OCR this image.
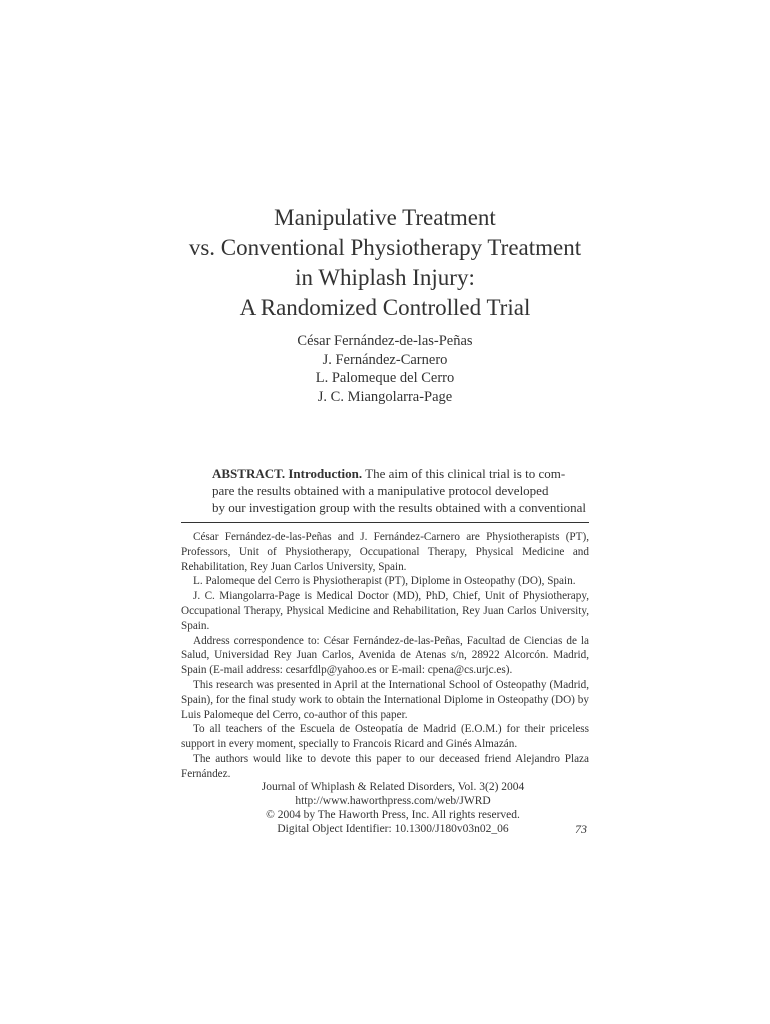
Manipulative Treatment
vs. Conventional Physiotherapy Treatment
in Whiplash Injury:
A Randomized Controlled Trial
César Fernández-de-las-Peñas
J. Fernández-Carnero
L. Palomeque del Cerro
J. C. Miangolarra-Page
ABSTRACT. Introduction. The aim of this clinical trial is to com-
pare the results obtained with a manipulative protocol developed
by our investigation group with the results obtained with a conventional

César Fernández-de-las-Peñas and J. Fernández-Carnero are Physiotherapists (PT), Professors, Unit of Physiotherapy, Occupational Therapy, Physical Medicine and Rehabilitation, Rey Juan Carlos University, Spain.

L. Palomeque del Cerro is Physiotherapist (PT), Diplome in Osteopathy (DO), Spain.

J. C. Miangolarra-Page is Medical Doctor (MD), PhD, Chief, Unit of Physiotherapy, Occupational Therapy, Physical Medicine and Rehabilitation, Rey Juan Carlos University, Spain.

Address correspondence to: César Fernández-de-las-Peñas, Facultad de Ciencias de la Salud, Universidad Rey Juan Carlos, Avenida de Atenas s/n, 28922 Alcorcón. Madrid, Spain (E-mail address: cesarfdlp@yahoo.es or E-mail: cpena@cs.urjc.es).

This research was presented in April at the International School of Osteopathy (Madrid, Spain), for the final study work to obtain the International Diplome in Osteopathy (DO) by Luis Palomeque del Cerro, co-author of this paper.

To all teachers of the Escuela de Osteopatía de Madrid (E.O.M.) for their priceless support in every moment, specially to Francois Ricard and Ginés Almazán.

The authors would like to devote this paper to our deceased friend Alejandro Plaza Fernández.

Journal of Whiplash & Related Disorders, Vol. 3(2) 2004
http://www.haworthpress.com/web/JWRD
© 2004 by The Haworth Press, Inc. All rights reserved.
Digital Object Identifier: 10.1300/J180v03n02_06	73
